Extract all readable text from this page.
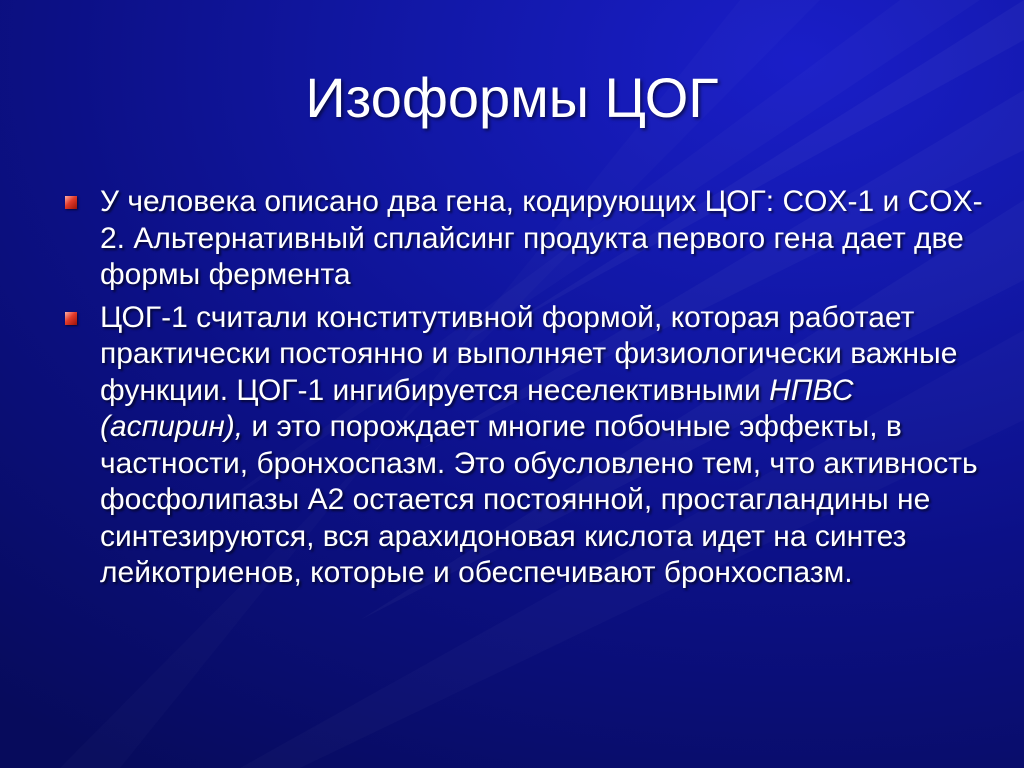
Изоформы ЦОГ
У человека описано два гена, кодирующих ЦОГ: COX-1 и COX-2. Альтернативный сплайсинг продукта первого гена дает две формы фермента
ЦОГ-1 считали конститутивной формой, которая работает практически постоянно и выполняет физиологически важные функции. ЦОГ-1 ингибируется неселективными НПВС (аспирин), и это порождает многие побочные эффекты, в частности, бронхоспазм. Это обусловлено тем, что активность фосфолипазы А2 остается постоянной, простагландины не синтезируются, вся арахидоновая кислота идет на синтез лейкотриенов, которые и обеспечивают бронхоспазм.
